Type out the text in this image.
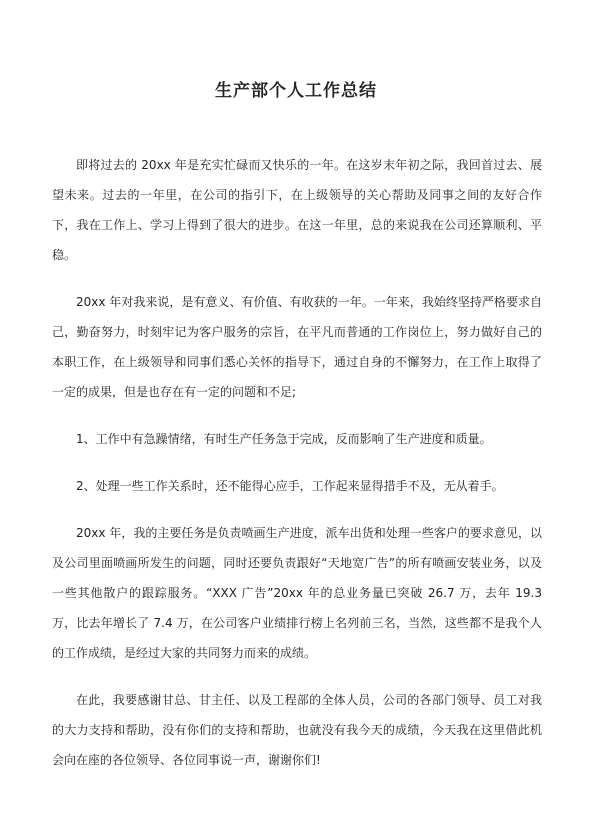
生产部个人工作总结

即将过去的 20xx 年是充实忙碌而又快乐的一年。在这岁末年初之际，我回首过去、展望未来。过去的一年里，在公司的指引下，在上级领导的关心帮助及同事之间的友好合作下，我在工作上、学习上得到了很大的进步。在这一年里，总的来说我在公司还算顺利、平稳。

20xx 年对我来说，是有意义、有价值、有收获的一年。一年来，我始终坚持严格要求自己，勤奋努力，时刻牢记为客户服务的宗旨，在平凡而普通的工作岗位上，努力做好自己的本职工作，在上级领导和同事们悉心关怀的指导下，通过自身的不懈努力，在工作上取得了一定的成果，但是也存在有一定的问题和不足;

1、工作中有急躁情绪，有时生产任务急于完成，反而影响了生产进度和质量。

2、处理一些工作关系时，还不能得心应手，工作起来显得措手不及，无从着手。

20xx 年，我的主要任务是负责喷画生产进度，派车出货和处理一些客户的要求意见，以及公司里面喷画所发生的问题，同时还要负责跟好“天地宽广告”的所有喷画安装业务，以及一些其他散户的跟踪服务。“XXX 广告”20xx 年的总业务量已突破 26.7 万，去年 19.3 万，比去年增长了 7.4 万，在公司客户业绩排行榜上名列前三名，当然，这些都不是我个人的工作成绩，是经过大家的共同努力而来的成绩。

在此，我要感谢甘总、甘主任、以及工程部的全体人员，公司的各部门领导、员工对我的大力支持和帮助，没有你们的支持和帮助，也就没有我今天的成绩，今天我在这里借此机会向在座的各位领导、各位同事说一声，谢谢你们!
